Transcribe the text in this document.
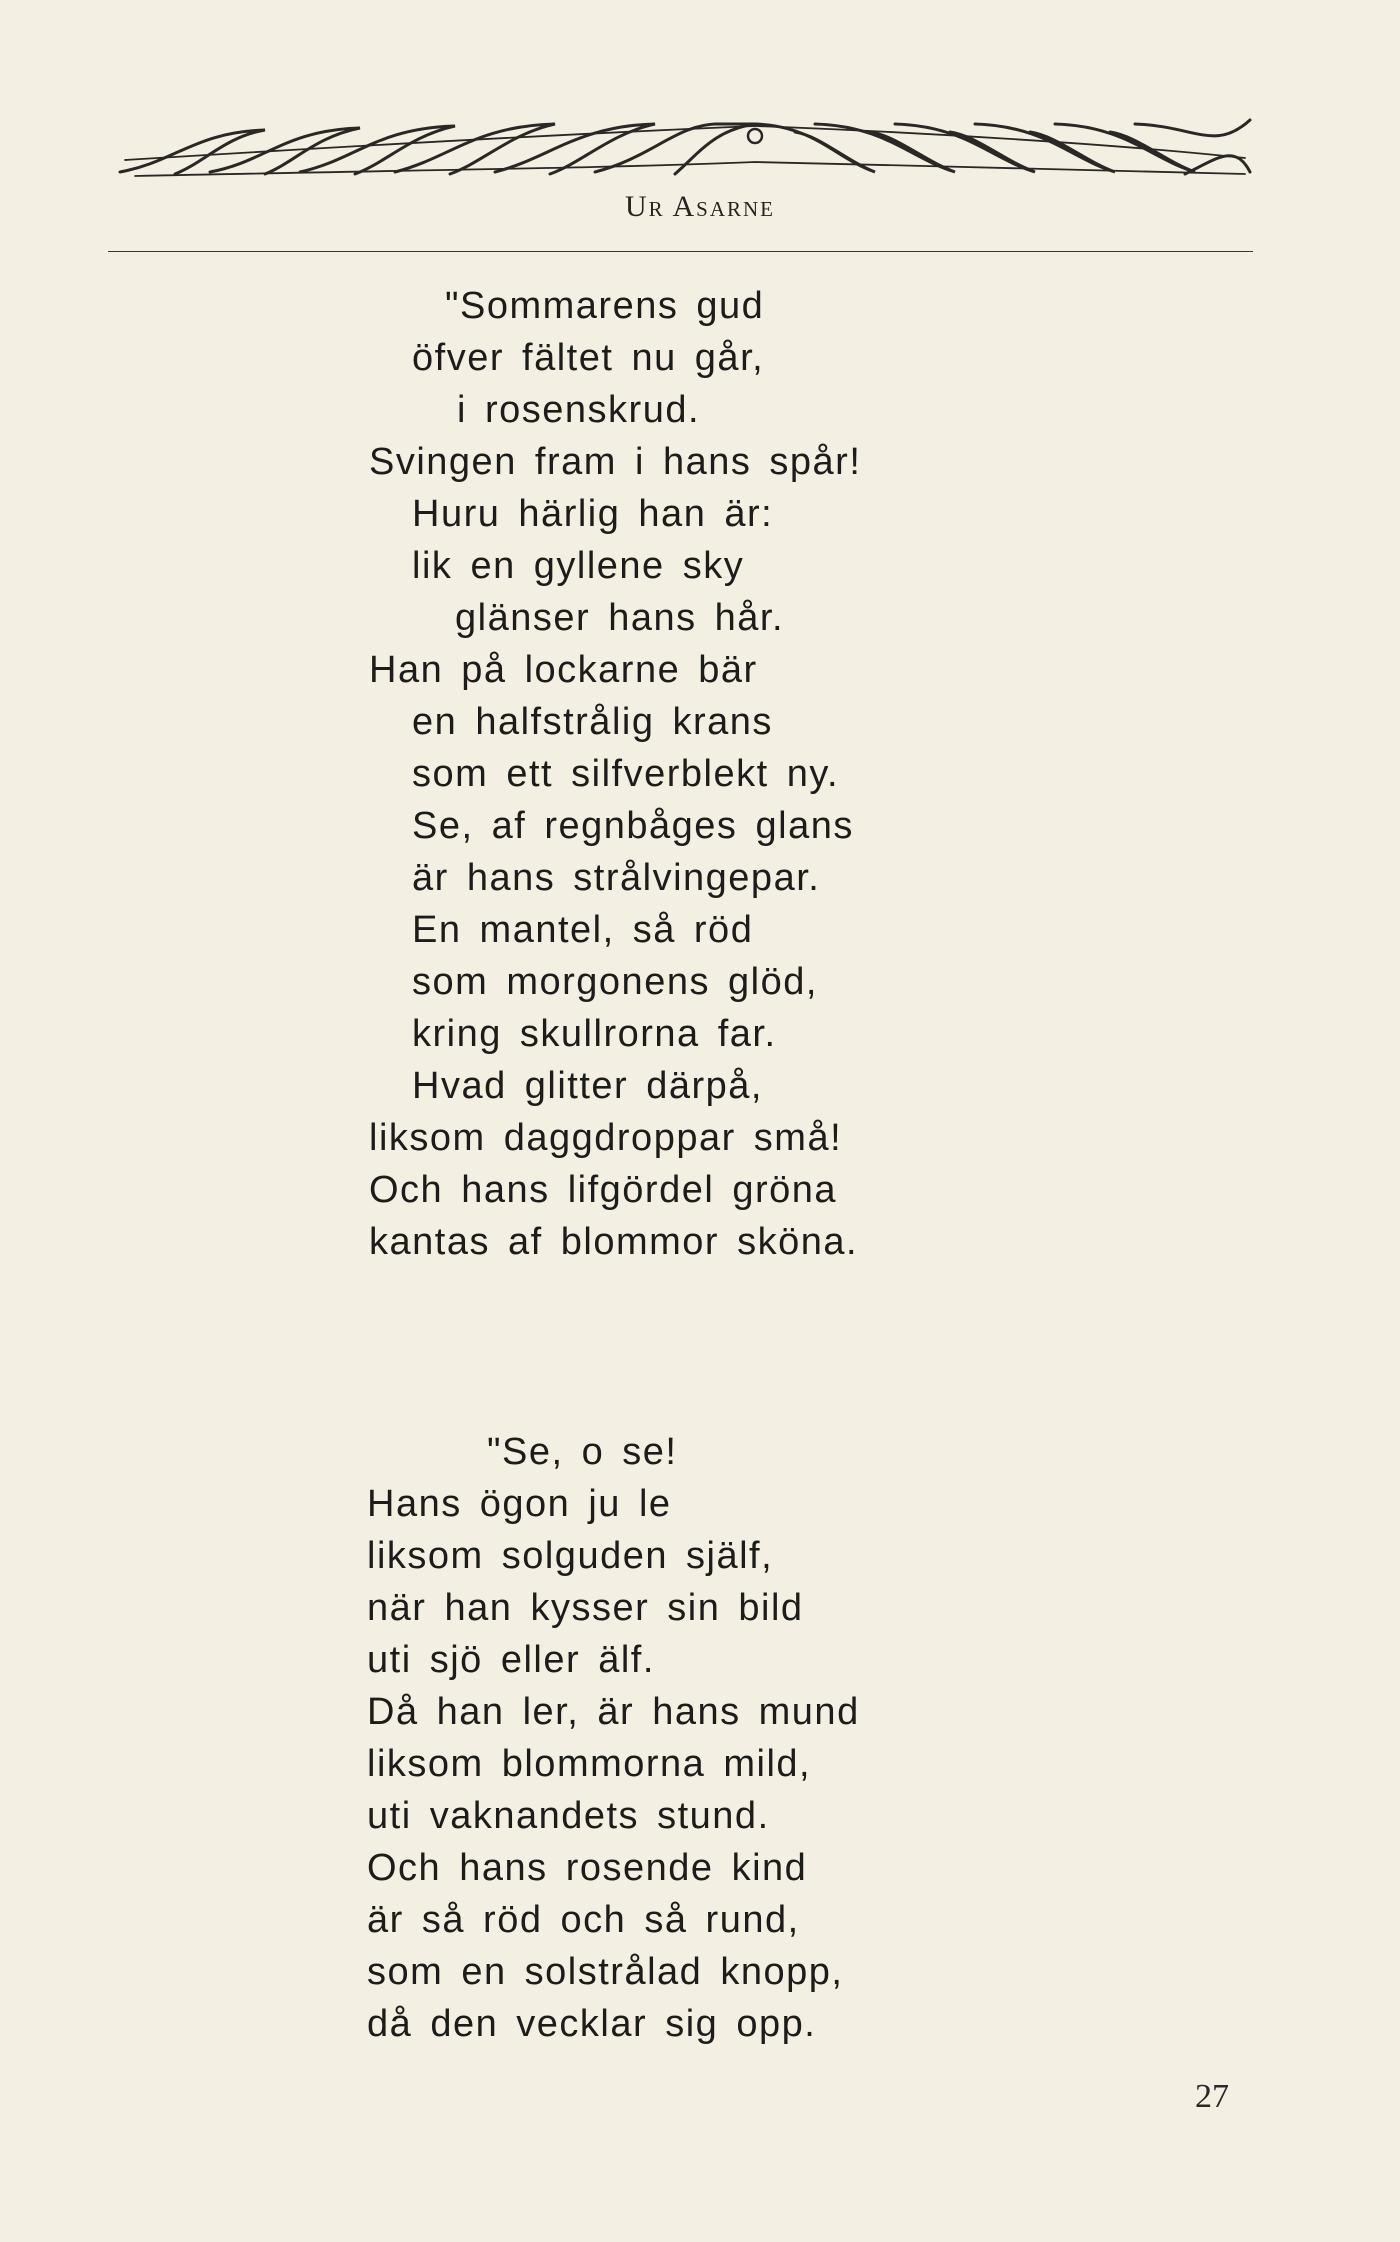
Ur Asarne
"Sommarens gud
öfver fältet nu går,
i rosenskrud.
Svingen fram i hans spår!
Huru härlig han är:
lik en gyllene sky
glänser hans hår.
Han på lockarne bär
en halfstrålig krans
som ett silfverblekt ny.
Se, af regnbåges glans
är hans strålvingepar.
En mantel, så röd
som morgonens glöd,
kring skullrorna far.
Hvad glitter därpå,
liksom daggdroppar små!
Och hans lifgördel gröna
kantas af blommor sköna.
"Se, o se!
Hans ögon ju le
liksom solguden själf,
när han kysser sin bild
uti sjö eller älf.
Då han ler, är hans mund
liksom blommorna mild,
uti vaknandets stund.
Och hans rosende kind
är så röd och så rund,
som en solstrålad knopp,
då den vecklar sig opp.
27
